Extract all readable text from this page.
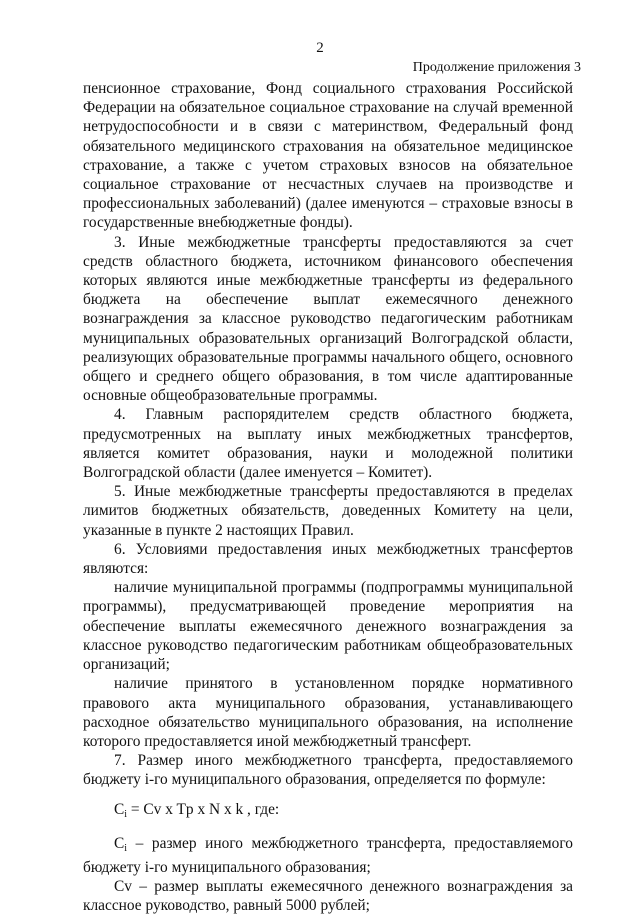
2
Продолжение приложения 3

пенсионное страхование, Фонд социального страхования Российской Федерации на обязательное социальное страхование на случай временной нетрудоспособности и в связи с материнством, Федеральный фонд обязательного медицинского страхования на обязательное медицинское страхование, а также с учетом страховых взносов на обязательное социальное страхование от несчастных случаев на производстве и профессиональных заболеваний) (далее именуются – страховые взносы в государственные внебюджетные фонды).

3. Иные межбюджетные трансферты предоставляются за счет средств областного бюджета, источником финансового обеспечения которых являются иные межбюджетные трансферты из федерального бюджета на обеспечение выплат ежемесячного денежного вознаграждения за классное руководство педагогическим работникам муниципальных образовательных организаций Волгоградской области, реализующих образовательные программы начального общего, основного общего и среднего общего образования, в том числе адаптированные основные общеобразовательные программы.

4. Главным распорядителем средств областного бюджета, предусмотренных на выплату иных межбюджетных трансфертов, является комитет образования, науки и молодежной политики Волгоградской области (далее именуется – Комитет).

5. Иные межбюджетные трансферты предоставляются в пределах лимитов бюджетных обязательств, доведенных Комитету на цели, указанные в пункте 2 настоящих Правил.

6. Условиями предоставления иных межбюджетных трансфертов являются:

наличие муниципальной программы (подпрограммы муниципальной программы), предусматривающей проведение мероприятия на обеспечение выплаты ежемесячного денежного вознаграждения за классное руководство педагогическим работникам общеобразовательных организаций;

наличие принятого в установленном порядке нормативного правового акта муниципального образования, устанавливающего расходное обязательство муниципального образования, на исполнение которого предоставляется иной межбюджетный трансферт.

7. Размер иного межбюджетного трансферта, предоставляемого бюджету i-го муниципального образования, определяется по формуле:

$C_i = Cv$ x Tp x N x k , где:

$C_i$ – размер иного межбюджетного трансферта, предоставляемого бюджету i-го муниципального образования;

Cv – размер выплаты ежемесячного денежного вознаграждения за классное руководство, равный 5000 рублей;
